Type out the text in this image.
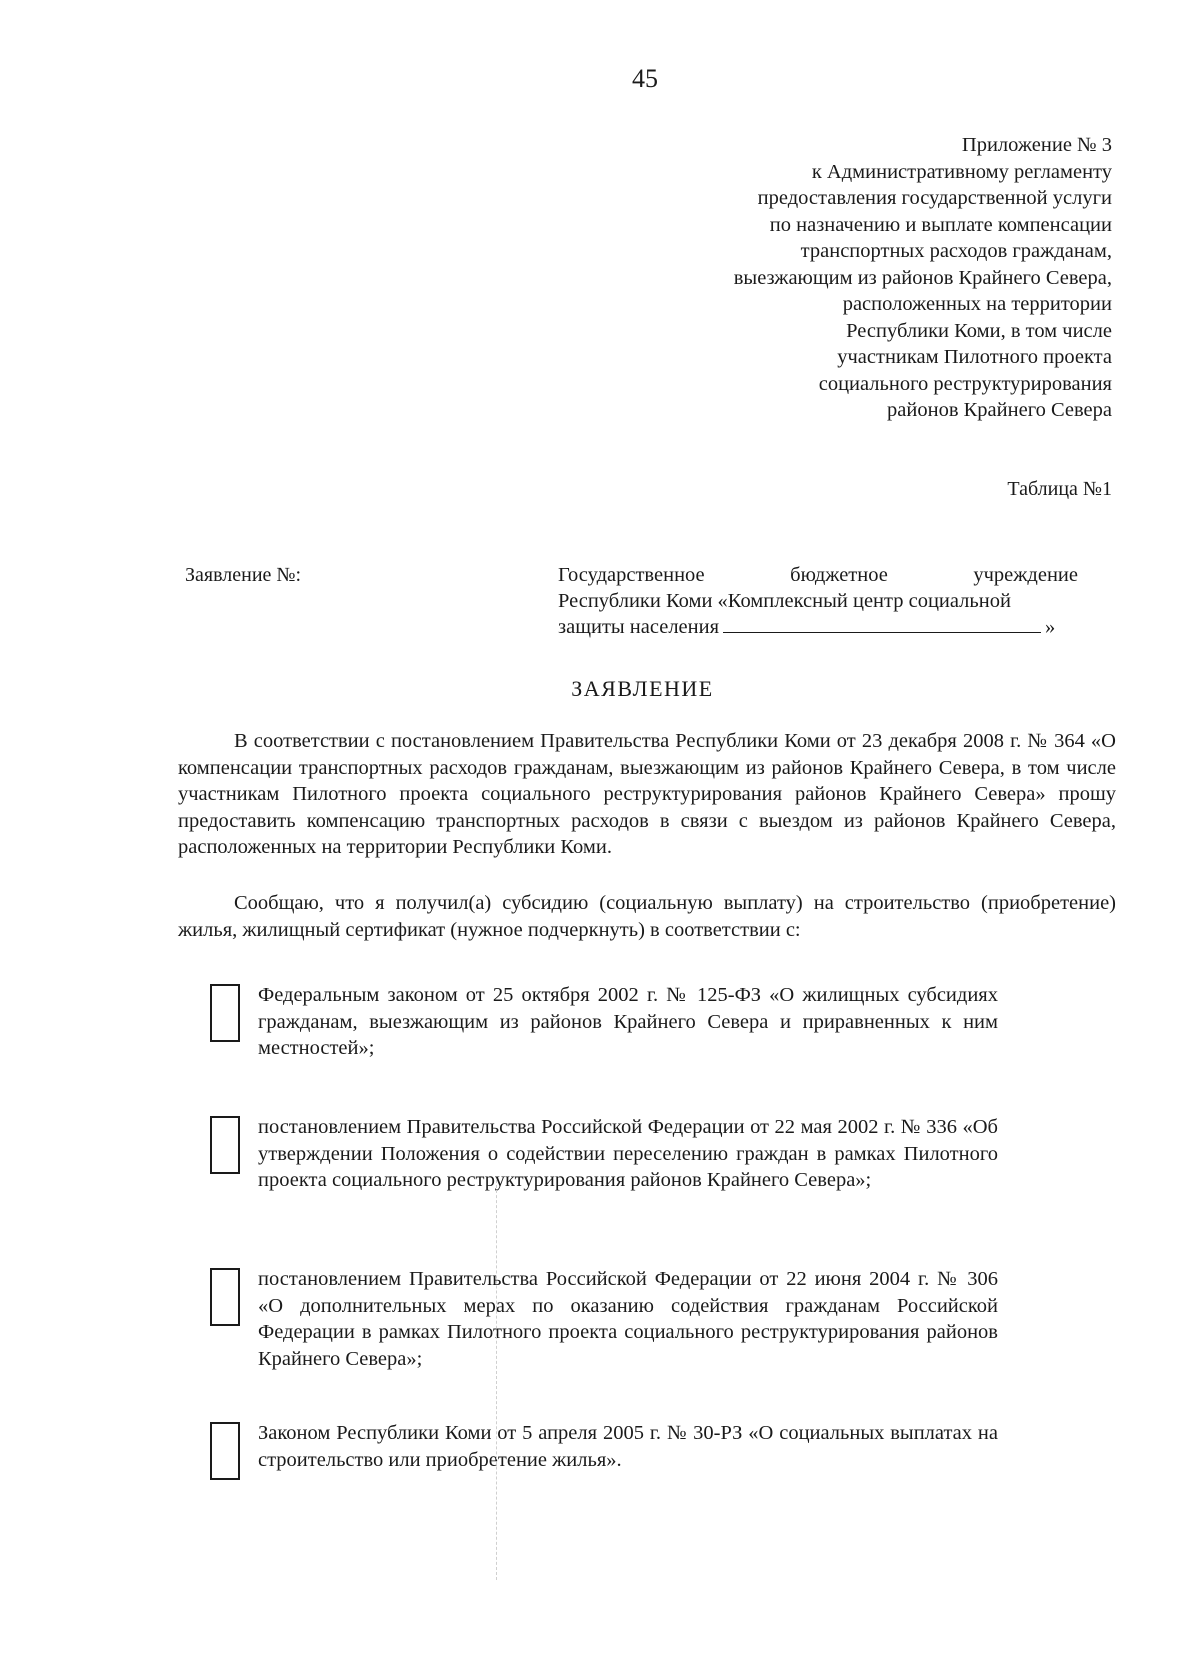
45
Приложение № 3
к Административному регламенту
предоставления государственной услуги
по назначению и выплате компенсации
транспортных расходов гражданам,
выезжающим из районов Крайнего Севера,
расположенных на территории
Республики Коми, в том числе
участникам Пилотного проекта
социального реструктурирования
районов Крайнего Севера
Таблица №1
Заявление №:	Государственное бюджетное учреждение
Республики Коми «Комплексный центр социальной
защиты населения	»
ЗАЯВЛЕНИЕ
В соответствии с постановлением Правительства Республики Коми от 23 декабря 2008 г. № 364 «О компенсации транспортных расходов гражданам, выезжающим из районов Крайнего Севера, в том числе участникам Пилотного проекта социального реструктурирования районов Крайнего Севера» прошу предоставить компенсацию транспортных расходов в связи с выездом из районов Крайнего Севера, расположенных на территории Республики Коми.
Сообщаю, что я получил(а) субсидию (социальную выплату) на строительство (приобретение) жилья, жилищный сертификат (нужное подчеркнуть) в соответствии с:
Федеральным законом от 25 октября 2002 г. № 125-ФЗ «О жилищных субсидиях гражданам, выезжающим из районов Крайнего Севера и приравненных к ним местностей»;
постановлением Правительства Российской Федерации от 22 мая 2002 г. № 336 «Об утверждении Положения о содействии переселению граждан в рамках Пилотного проекта социального реструктурирования районов Крайнего Севера»;
постановлением Правительства Российской Федерации от 22 июня 2004 г. № 306 «О дополнительных мерах по оказанию содействия гражданам Российской Федерации в рамках Пилотного проекта социального реструктурирования районов Крайнего Севера»;
Законом Республики Коми от 5 апреля 2005 г. № 30-РЗ «О социальных выплатах на строительство или приобретение жилья».
